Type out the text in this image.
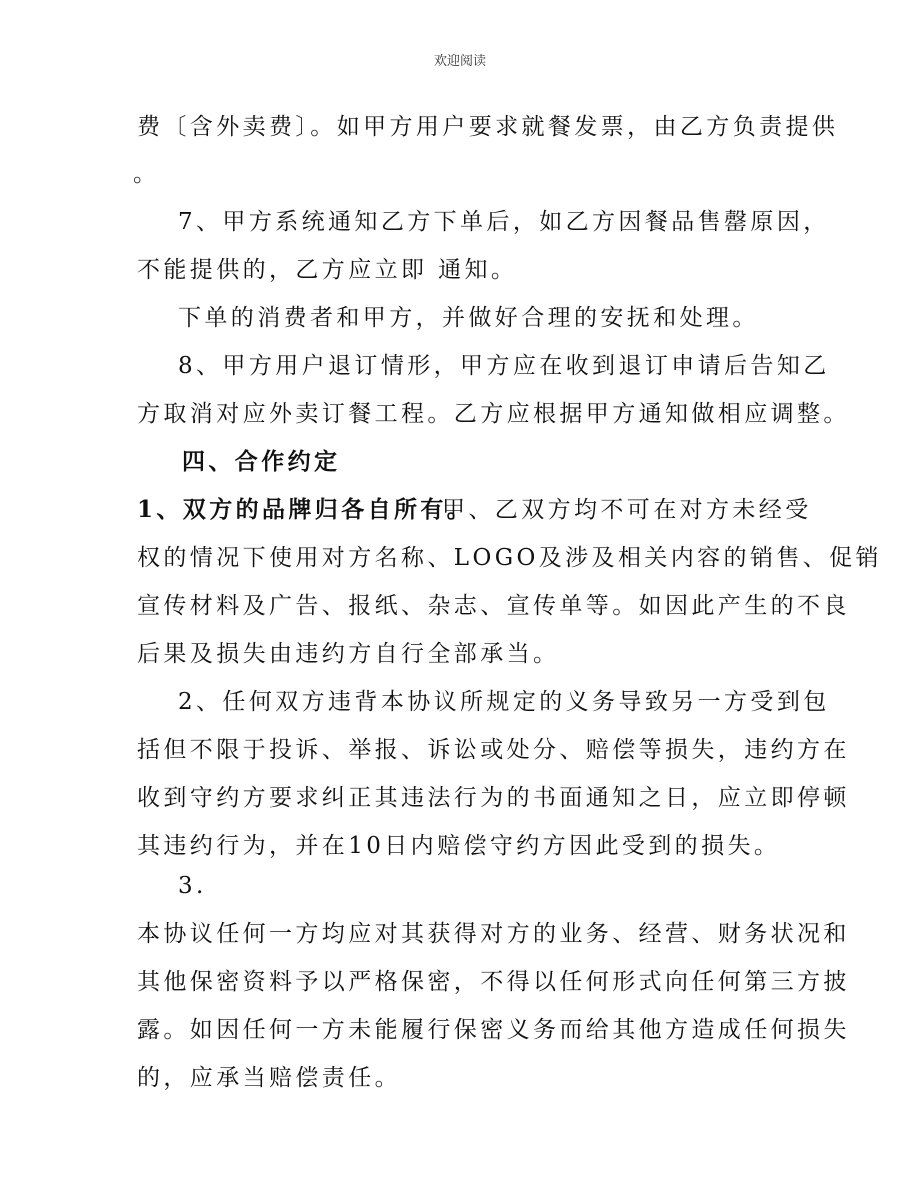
欢迎阅读
费〔含外卖费〕。如甲方用户要求就餐发票，由乙方负责提供
。
7、甲方系统通知乙方下单后，如乙方因餐品售罄原因，
不能提供的，乙方应立即 通知。
下单的消费者和甲方，并做好合理的安抚和处理。
8、甲方用户退订情形，甲方应在收到退订申请后告知乙
方取消对应外卖订餐工程。乙方应根据甲方通知做相应调整。
四、合作约定
1、双方的品牌归各自所有。
甲、乙双方均不可在对方未经受
权的情况下使用对方名称、LOGO及涉及相关内容的销售、促销
宣传材料及广告、报纸、杂志、宣传单等。如因此产生的不良
后果及损失由违约方自行全部承当。
2、任何双方违背本协议所规定的义务导致另一方受到包
括但不限于投诉、举报、诉讼或处分、赔偿等损失，违约方在
收到守约方要求纠正其违法行为的书面通知之日，应立即停顿
其违约行为，并在10日内赔偿守约方因此受到的损失。
3.
本协议任何一方均应对其获得对方的业务、经营、财务状况和
其他保密资料予以严格保密，不得以任何形式向任何第三方披
露。如因任何一方未能履行保密义务而给其他方造成任何损失
的，应承当赔偿责任。
